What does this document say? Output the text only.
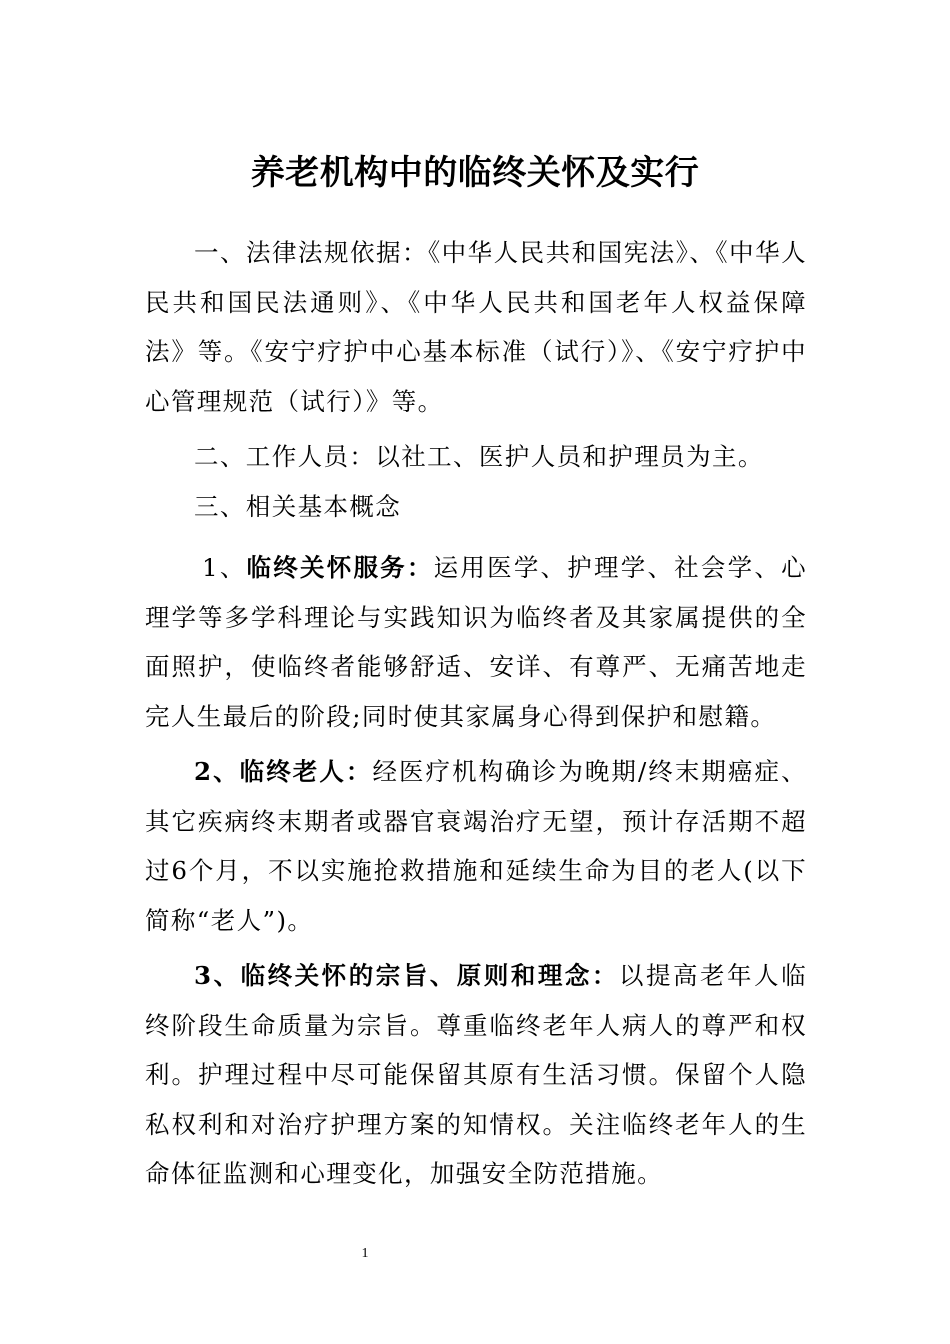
养老机构中的临终关怀及实行

一、法律法规依据：《中华人民共和国宪法》、《中华人民共和国民法通则》、《中华人民共和国老年人权益保障法》等。《安宁疗护中心基本标准（试行）》、《安宁疗护中心管理规范（试行）》等。

二、工作人员：以社工、医护人员和护理员为主。

三、相关基本概念

1、临终关怀服务：运用医学、护理学、社会学、心理学等多学科理论与实践知识为临终者及其家属提供的全面照护，使临终者能够舒适、安详、有尊严、无痛苦地走完人生最后的阶段;同时使其家属身心得到保护和慰籍。

2、临终老人：经医疗机构确诊为晚期/终末期癌症、其它疾病终末期者或器官衰竭治疗无望，预计存活期不超过6个月，不以实施抢救措施和延续生命为目的老人(以下简称“老人”)。

3、临终关怀的宗旨、原则和理念：以提高老年人临终阶段生命质量为宗旨。尊重临终老年人病人的尊严和权利。护理过程中尽可能保留其原有生活习惯。保留个人隐私权利和对治疗护理方案的知情权。关注临终老年人的生命体征监测和心理变化，加强安全防范措施。

1
